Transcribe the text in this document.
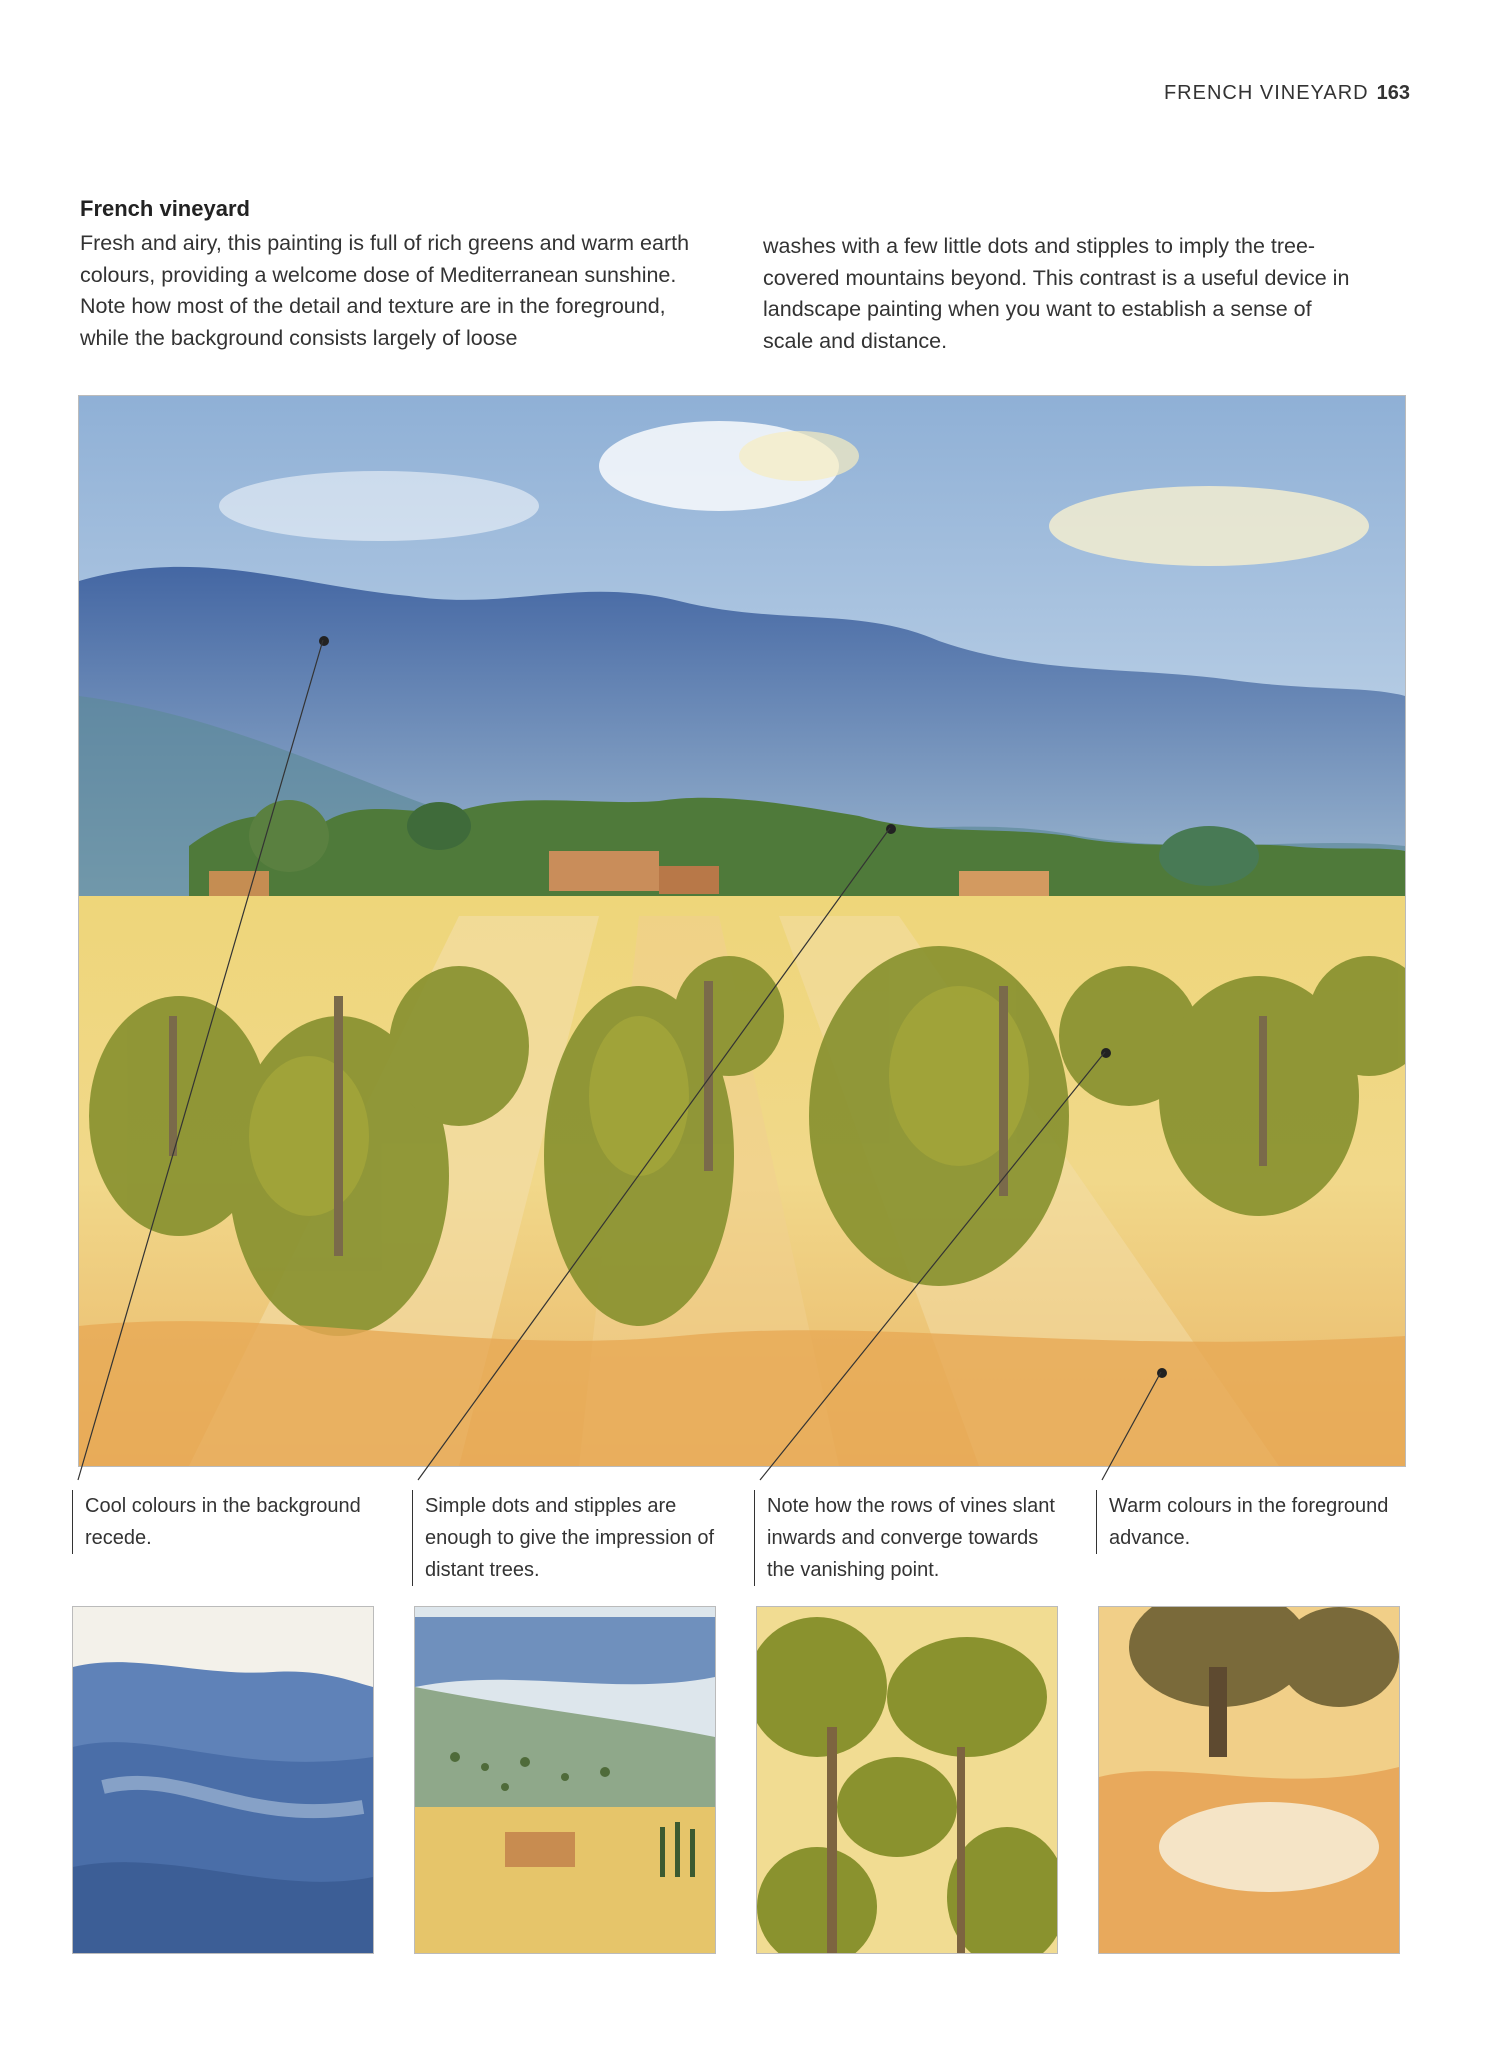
FRENCH VINEYARD 163
French vineyard
Fresh and airy, this painting is full of rich greens and warm earth colours, providing a welcome dose of Mediterranean sunshine. Note how most of the detail and texture are in the foreground, while the background consists largely of loose
washes with a few little dots and stipples to imply the tree-covered mountains beyond. This contrast is a useful device in landscape painting when you want to establish a sense of scale and distance.
Cool colours in the background recede.
Simple dots and stipples are enough to give the impression of distant trees.
Note how the rows of vines slant inwards and converge towards the vanishing point.
Warm colours in the foreground advance.
